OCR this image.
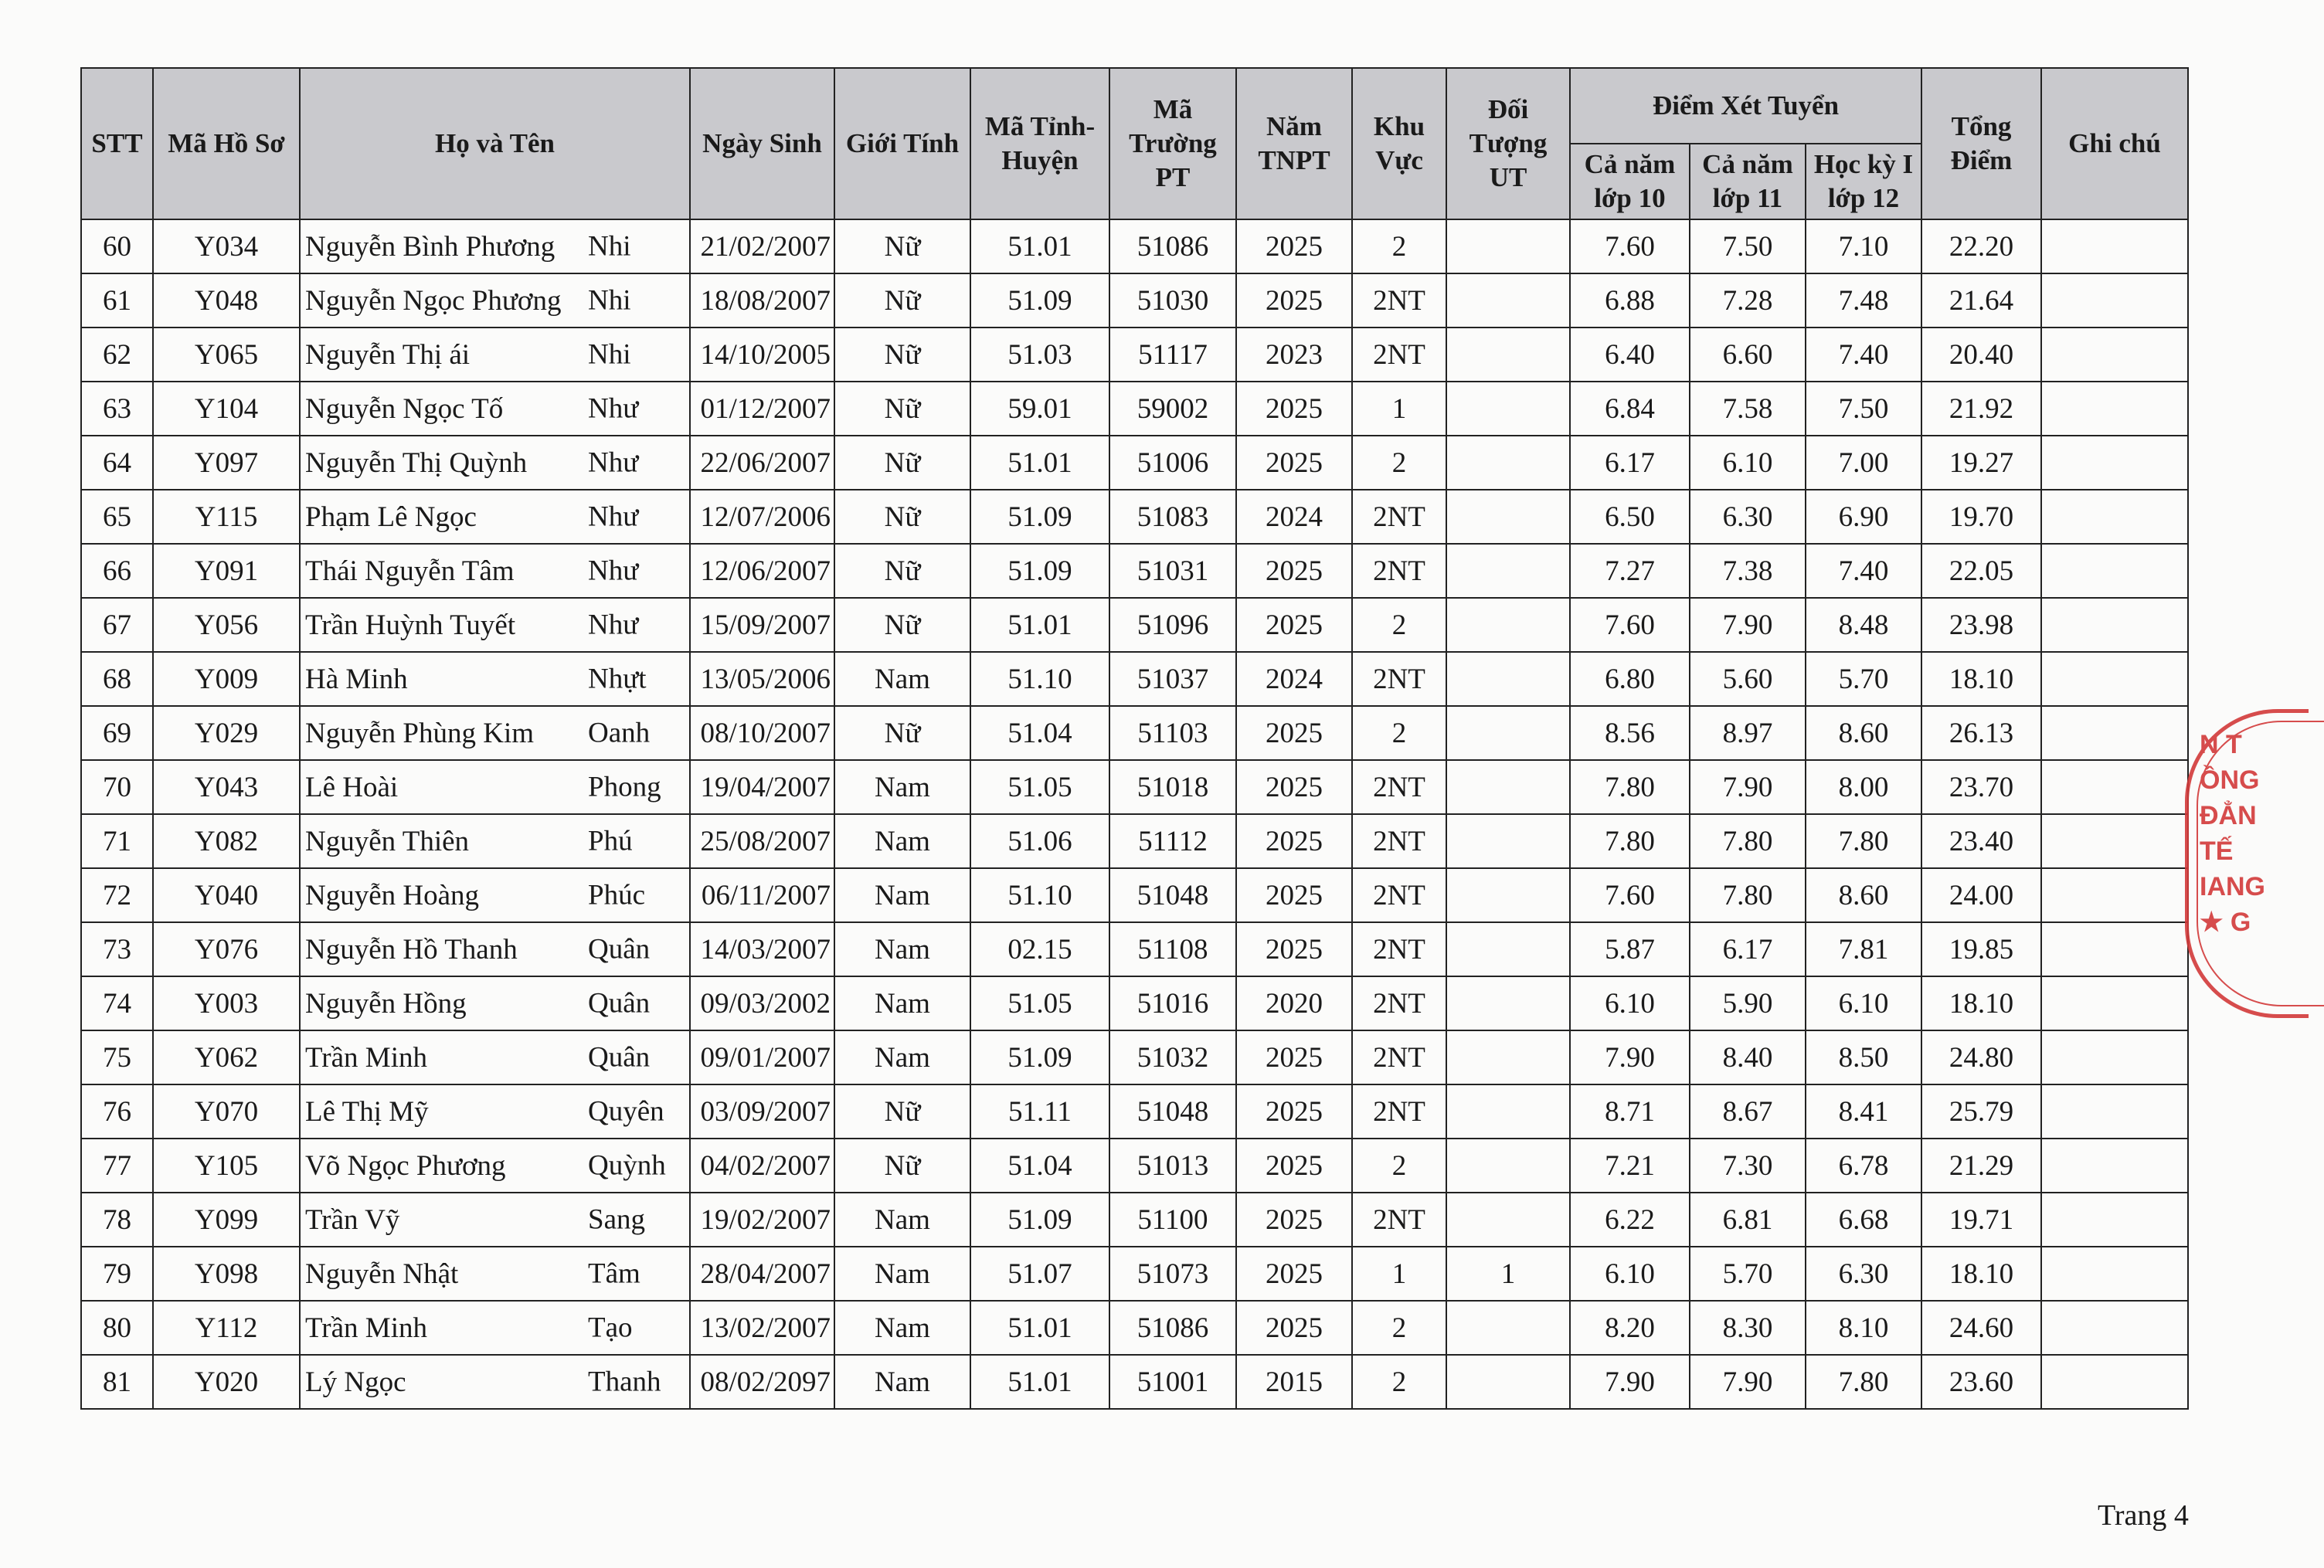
STT	Mã Hồ Sơ	Họ và Tên	Ngày Sinh	Giới Tính	Mã Tỉnh-Huyện	Mã Trường PT	Năm TNPT	Khu Vực	Đối Tượng UT	Điểm Xét Tuyển			Tổng Điểm	Ghi chú
										Cả năm lớp 10	Cả năm lớp 11	Học kỳ I lớp 12		
60	Y034	Nguyễn Bình Phương Nhi	21/02/2007	Nữ	51.01	51086	2025	2		7.60	7.50	7.10	22.20	
61	Y048	Nguyễn Ngọc Phương Nhi	18/08/2007	Nữ	51.09	51030	2025	2NT		6.88	7.28	7.48	21.64	
62	Y065	Nguyễn Thị ái Nhi	14/10/2005	Nữ	51.03	51117	2023	2NT		6.40	6.60	7.40	20.40	
63	Y104	Nguyễn Ngọc Tố Như	01/12/2007	Nữ	59.01	59002	2025	1		6.84	7.58	7.50	21.92	
64	Y097	Nguyễn Thị Quỳnh Như	22/06/2007	Nữ	51.01	51006	2025	2		6.17	6.10	7.00	19.27	
65	Y115	Phạm Lê Ngọc Như	12/07/2006	Nữ	51.09	51083	2024	2NT		6.50	6.30	6.90	19.70	
66	Y091	Thái Nguyễn Tâm Như	12/06/2007	Nữ	51.09	51031	2025	2NT		7.27	7.38	7.40	22.05	
67	Y056	Trần Huỳnh Tuyết Như	15/09/2007	Nữ	51.01	51096	2025	2		7.60	7.90	8.48	23.98	
68	Y009	Hà Minh Nhựt	13/05/2006	Nam	51.10	51037	2024	2NT		6.80	5.60	5.70	18.10	
69	Y029	Nguyễn Phùng Kim Oanh	08/10/2007	Nữ	51.04	51103	2025	2		8.56	8.97	8.60	26.13	
70	Y043	Lê Hoài Phong	19/04/2007	Nam	51.05	51018	2025	2NT		7.80	7.90	8.00	23.70	
71	Y082	Nguyễn Thiên Phú	25/08/2007	Nam	51.06	51112	2025	2NT		7.80	7.80	7.80	23.40	
72	Y040	Nguyễn Hoàng Phúc	06/11/2007	Nam	51.10	51048	2025	2NT		7.60	7.80	8.60	24.00	
73	Y076	Nguyễn Hồ Thanh Quân	14/03/2007	Nam	02.15	51108	2025	2NT		5.87	6.17	7.81	19.85	
74	Y003	Nguyễn Hồng Quân	09/03/2002	Nam	51.05	51016	2020	2NT		6.10	5.90	6.10	18.10	
75	Y062	Trần Minh Quân	09/01/2007	Nam	51.09	51032	2025	2NT		7.90	8.40	8.50	24.80	
76	Y070	Lê Thị Mỹ Quyên	03/09/2007	Nữ	51.11	51048	2025	2NT		8.71	8.67	8.41	25.79	
77	Y105	Võ Ngọc Phương Quỳnh	04/02/2007	Nữ	51.04	51013	2025	2		7.21	7.30	6.78	21.29	
78	Y099	Trần Vỹ Sang	19/02/2007	Nam	51.09	51100	2025	2NT		6.22	6.81	6.68	19.71	
79	Y098	Nguyễn Nhật Tâm	28/04/2007	Nam	51.07	51073	2025	1	1	6.10	5.70	6.30	18.10	
80	Y112	Trần Minh Tạo	13/02/2007	Nam	51.01	51086	2025	2		8.20	8.30	8.10	24.60	
81	Y020	Lý Ngọc Thanh	08/02/2097	Nam	51.01	51001	2015	2		7.90	7.90	7.80	23.60	
N T
ỒNG
ĐẲN
TẾ
IANG
★ G
Trang 4
